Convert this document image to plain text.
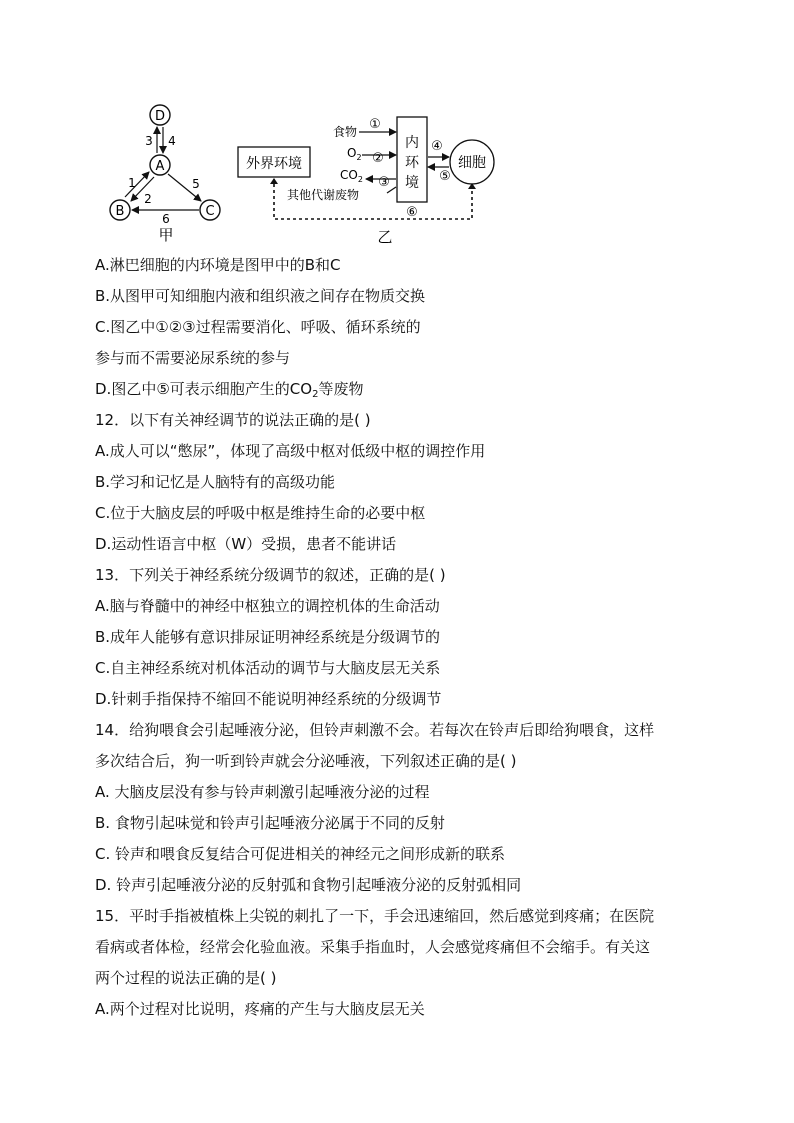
D
A
B	C
3 4
1
2
5
6
甲
外界环境
内
环
境
细胞
食物 ①
$O_2$ ②
$CO_2$ ③
其他代谢废物
④
⑤
⑥
乙
A.淋巴细胞的内环境是图甲中的B和C
B.从图甲可知细胞内液和组织液之间存在物质交换
C.图乙中①②③过程需要消化、呼吸、循环系统的
参与而不需要泌尿系统的参与
D.图乙中⑤可表示细胞产生的$CO_2$等废物
12．以下有关神经调节的说法正确的是( )
A.成人可以“憋尿”，体现了高级中枢对低级中枢的调控作用
B.学习和记忆是人脑特有的高级功能
C.位于大脑皮层的呼吸中枢是维持生命的必要中枢
D.运动性语言中枢（W）受损，患者不能讲话
13．下列关于神经系统分级调节的叙述，正确的是( )
A.脑与脊髓中的神经中枢独立的调控机体的生命活动
B.成年人能够有意识排尿证明神经系统是分级调节的
C.自主神经系统对机体活动的调节与大脑皮层无关系
D.针刺手指保持不缩回不能说明神经系统的分级调节
14．给狗喂食会引起唾液分泌，但铃声刺激不会。若每次在铃声后即给狗喂食，这样
多次结合后，狗一听到铃声就会分泌唾液，下列叙述正确的是( )
A. 大脑皮层没有参与铃声刺激引起唾液分泌的过程
B. 食物引起味觉和铃声引起唾液分泌属于不同的反射
C. 铃声和喂食反复结合可促进相关的神经元之间形成新的联系
D. 铃声引起唾液分泌的反射弧和食物引起唾液分泌的反射弧相同
15．平时手指被植株上尖锐的刺扎了一下，手会迅速缩回，然后感觉到疼痛；在医院
看病或者体检，经常会化验血液。采集手指血时，人会感觉疼痛但不会缩手。有关这
两个过程的说法正确的是( )
A.两个过程对比说明，疼痛的产生与大脑皮层无关
